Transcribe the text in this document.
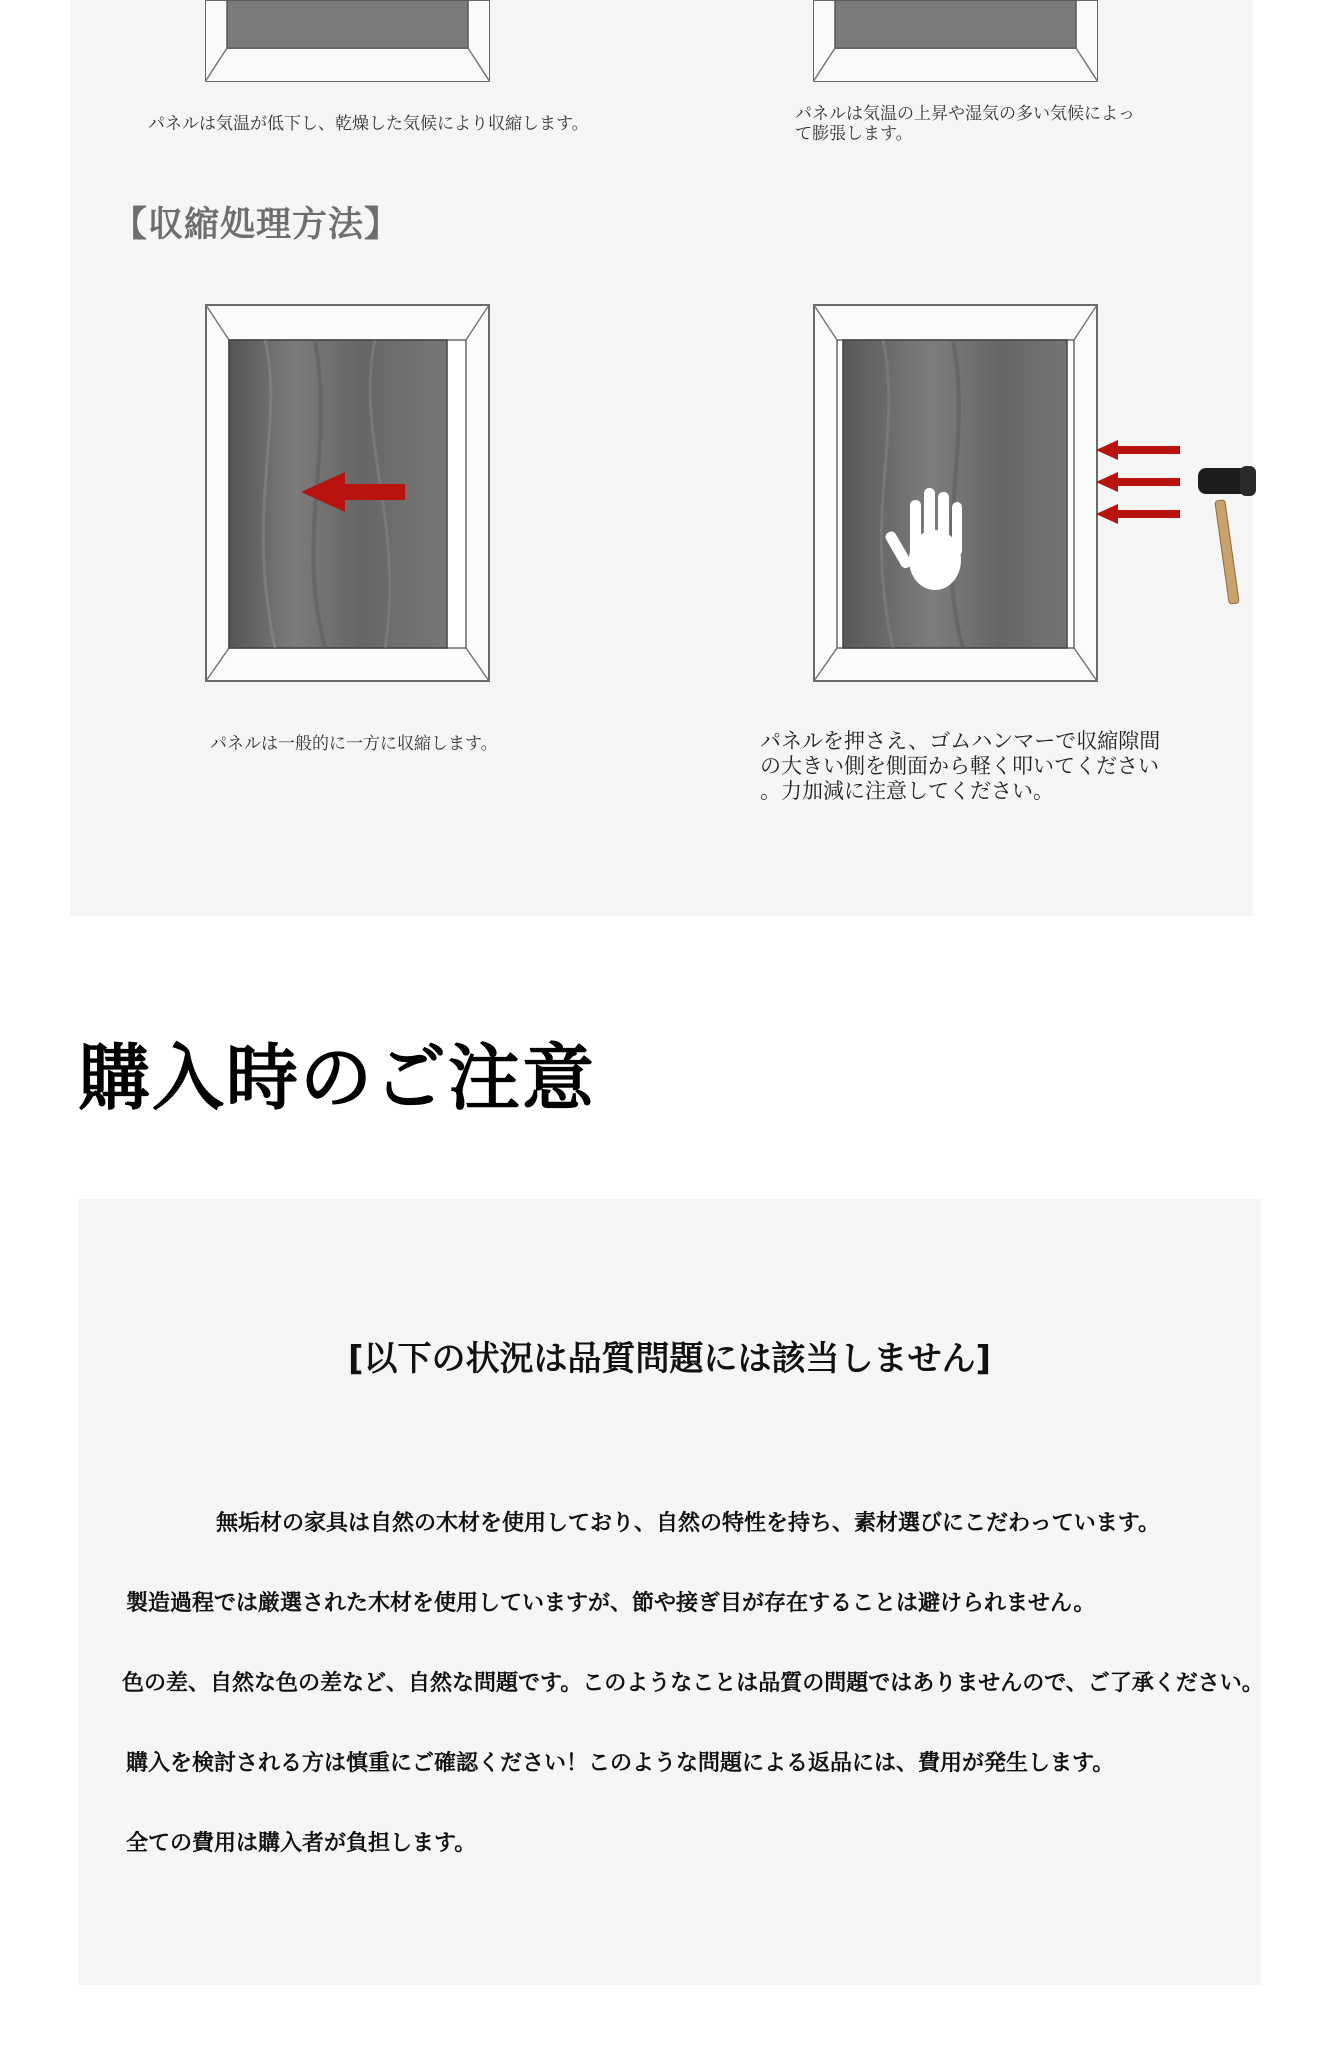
パネルは気温が低下し、乾燥した気候により収縮します。	パネルは気温の上昇や湿気の多い気候によっ
て膨張します。
【収縮処理方法】
パネルは一般的に一方に収縮します。	パネルを押さえ、ゴムハンマーで収縮隙間
の大きい側を側面から軽く叩いてください
。力加減に注意してください。
購入時のご注意
[以下の状況は品質問題には該当しません]
無垢材の家具は自然の木材を使用しており、自然の特性を持ち、素材選びにこだわっています。
製造過程では厳選された木材を使用していますが、節や接ぎ目が存在することは避けられません。
色の差、自然な色の差など、自然な問題です。このようなことは品質の問題ではありませんので、ご了承ください。
購入を検討される方は慎重にご確認ください！このような問題による返品には、費用が発生します。
全ての費用は購入者が負担します。
